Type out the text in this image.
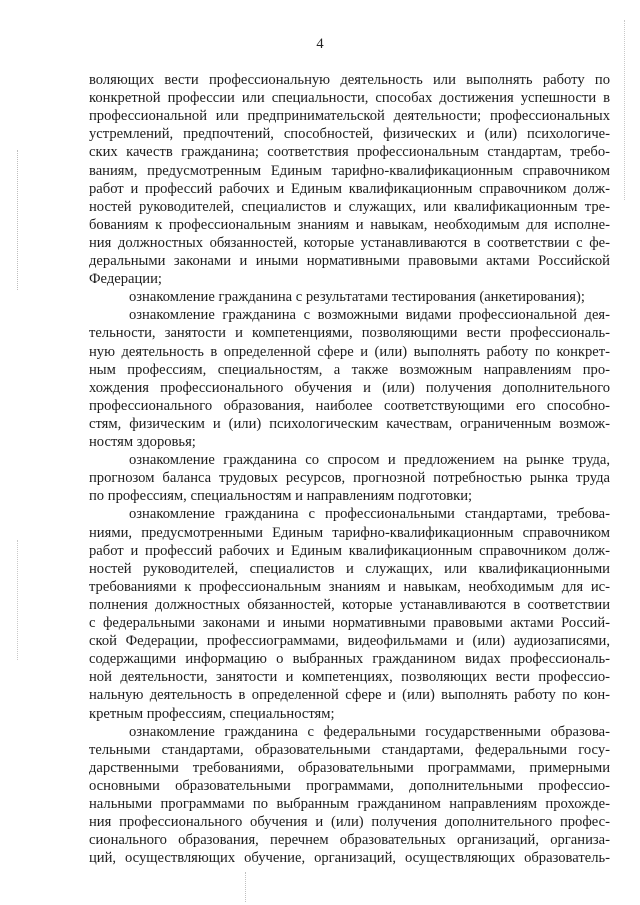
4
воляющих вести профессиональную деятельность или выполнять работу по
конкретной профессии или специальности, способах достижения успешности в
профессиональной или предпринимательской деятельности; профессиональных
устремлений, предпочтений, способностей, физических и (или) психологиче-
ских качеств гражданина; соответствия профессиональным стандартам, требо-
ваниям, предусмотренным Единым тарифно-квалификационным справочником
работ и профессий рабочих и Единым квалификационным справочником долж-
ностей руководителей, специалистов и служащих, или квалификационным тре-
бованиям к профессиональным знаниям и навыкам, необходимым для исполне-
ния должностных обязанностей, которые устанавливаются в соответствии с фе-
деральными законами и иными нормативными правовыми актами Российской
Федерации;
ознакомление гражданина с результатами тестирования (анкетирования);
ознакомление гражданина с возможными видами профессиональной дея-
тельности, занятости и компетенциями, позволяющими вести профессиональ-
ную деятельность в определенной сфере и (или) выполнять работу по конкрет-
ным профессиям, специальностям, а также возможным направлениям про-
хождения профессионального обучения и (или) получения дополнительного
профессионального образования, наиболее соответствующими его способно-
стям, физическим и (или) психологическим качествам, ограниченным возмож-
ностям здоровья;
ознакомление гражданина со спросом и предложением на рынке труда,
прогнозом баланса трудовых ресурсов, прогнозной потребностью рынка труда
по профессиям, специальностям и направлениям подготовки;
ознакомление гражданина с профессиональными стандартами, требова-
ниями, предусмотренными Единым тарифно-квалификационным справочником
работ и профессий рабочих и Единым квалификационным справочником долж-
ностей руководителей, специалистов и служащих, или квалификационными
требованиями к профессиональным знаниям и навыкам, необходимым для ис-
полнения должностных обязанностей, которые устанавливаются в соответствии
с федеральными законами и иными нормативными правовыми актами Россий-
ской Федерации, профессиограммами, видеофильмами и (или) аудиозаписями,
содержащими информацию о выбранных гражданином видах профессиональ-
ной деятельности, занятости и компетенциях, позволяющих вести профессио-
нальную деятельность в определенной сфере и (или) выполнять работу по кон-
кретным профессиям, специальностям;
ознакомление гражданина с федеральными государственными образова-
тельными стандартами, образовательными стандартами, федеральными госу-
дарственными требованиями, образовательными программами, примерными
основными образовательными программами, дополнительными профессио-
нальными программами по выбранным гражданином направлениям прохожде-
ния профессионального обучения и (или) получения дополнительного профес-
сионального образования, перечнем образовательных организаций, организа-
ций, осуществляющих обучение, организаций, осуществляющих образователь-
